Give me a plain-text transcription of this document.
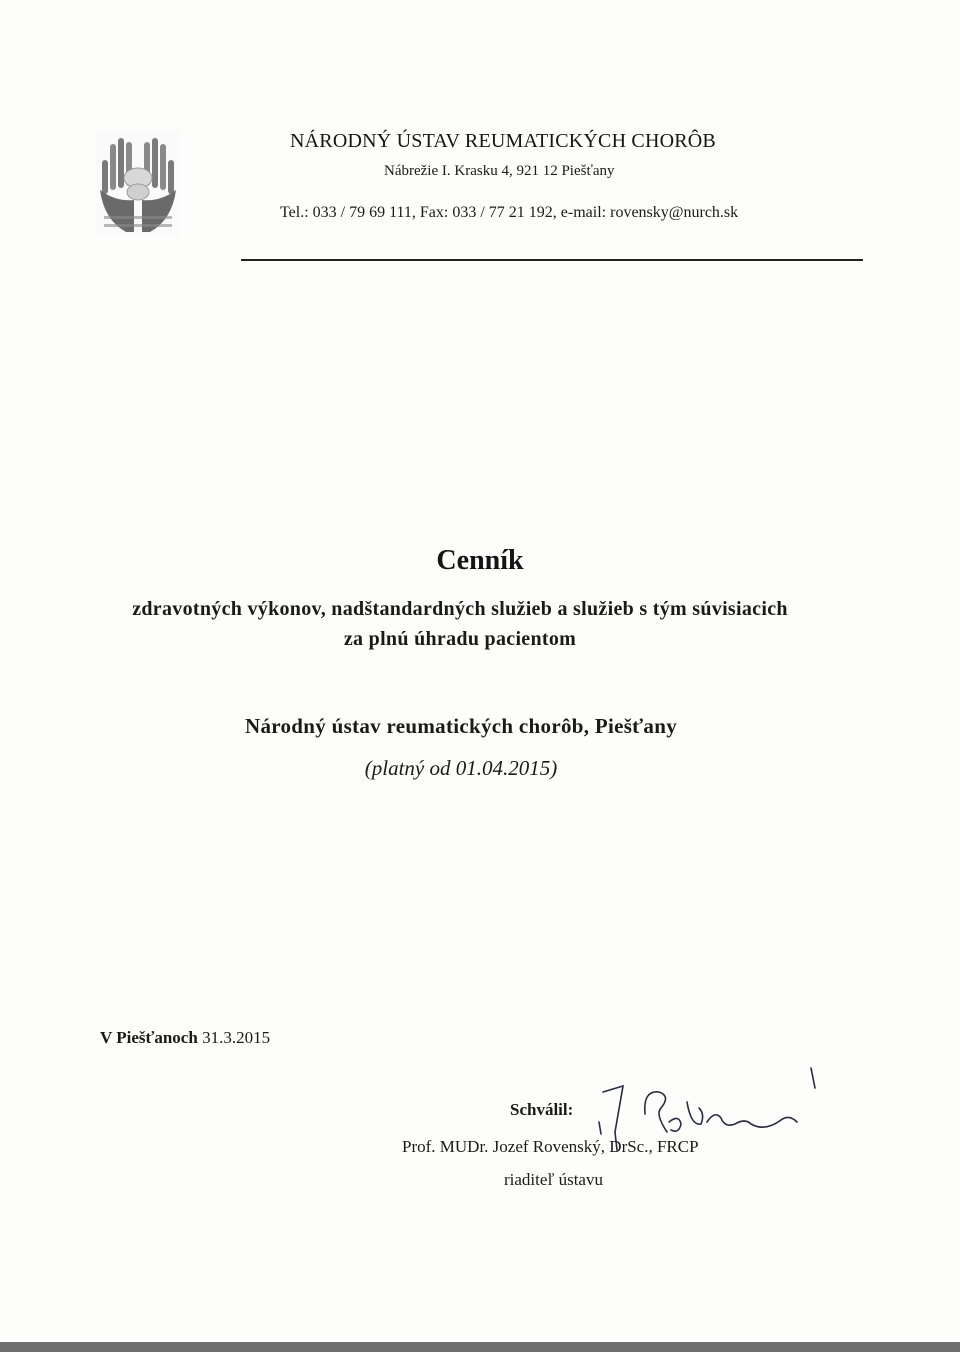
NÁRODNÝ ÚSTAV REUMATICKÝCH CHORÔB
Nábrežie I. Krasku 4, 921 12 Piešťany
Tel.: 033 / 79 69 111, Fax: 033 / 77 21 192, e-mail: rovensky@nurch.sk
Cenník
zdravotných výkonov, nadštandardných služieb a služieb s tým súvisiacich
za plnú úhradu pacientom
Národný ústav reumatických chorôb, Piešťany
(platný od 01.04.2015)
V Piešťanoch 31.3.2015
Schválil:
Prof. MUDr. Jozef Rovenský, DrSc., FRCP
riaditeľ ústavu
